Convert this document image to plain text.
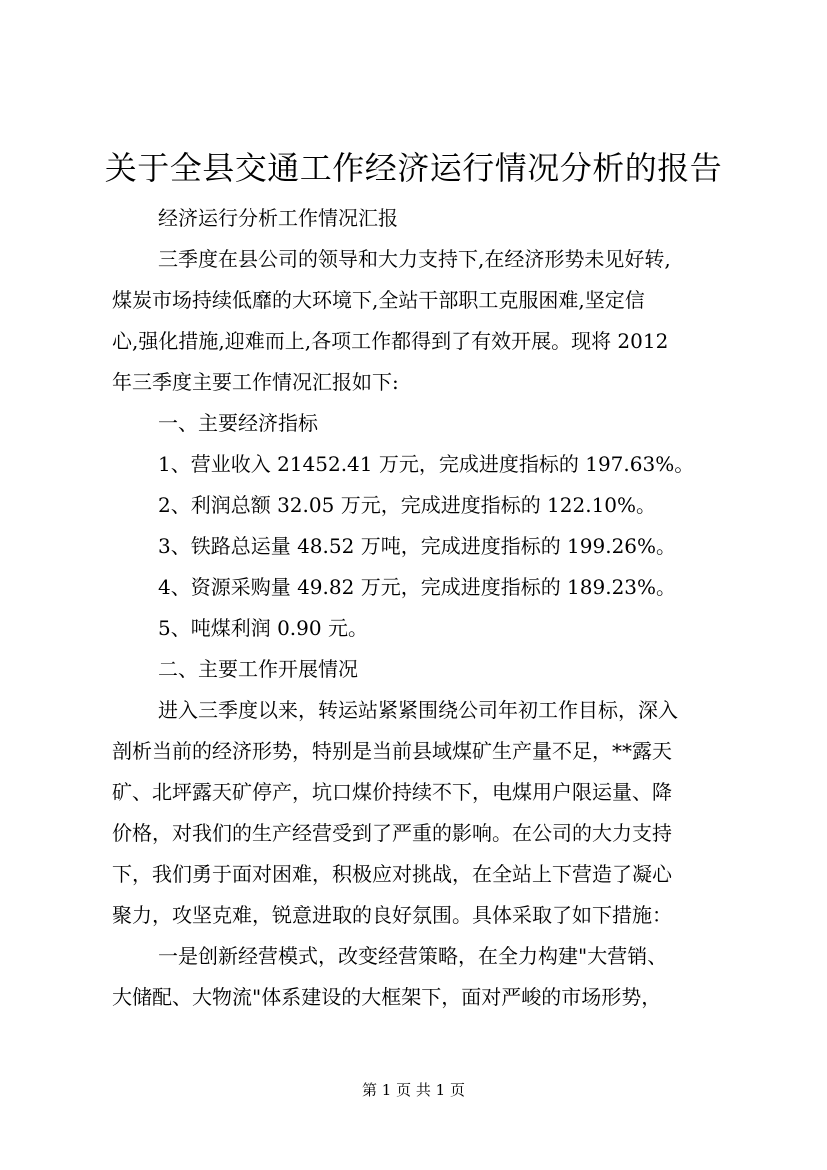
关于全县交通工作经济运行情况分析的报告
经济运行分析工作情况汇报
三季度在县公司的领导和大力支持下,在经济形势未见好转,
煤炭市场持续低靡的大环境下,全站干部职工克服困难,坚定信
心,强化措施,迎难而上,各项工作都得到了有效开展。现将 2012
年三季度主要工作情况汇报如下:
一、主要经济指标
1、营业收入 21452.41 万元，完成进度指标的 197.63%。
2、利润总额 32.05 万元，完成进度指标的 122.10%。
3、铁路总运量 48.52 万吨，完成进度指标的 199.26%。
4、资源采购量 49.82 万元，完成进度指标的 189.23%。
5、吨煤利润 0.90 元。
二、主要工作开展情况
进入三季度以来，转运站紧紧围绕公司年初工作目标，深入
剖析当前的经济形势，特别是当前县域煤矿生产量不足，**露天
矿、北坪露天矿停产，坑口煤价持续不下，电煤用户限运量、降
价格，对我们的生产经营受到了严重的影响。在公司的大力支持
下，我们勇于面对困难，积极应对挑战，在全站上下营造了凝心
聚力，攻坚克难，锐意进取的良好氛围。具体采取了如下措施：
一是创新经营模式，改变经营策略，在全力构建"大营销、
大储配、大物流"体系建设的大框架下，面对严峻的市场形势，
第 1 页 共 1 页
